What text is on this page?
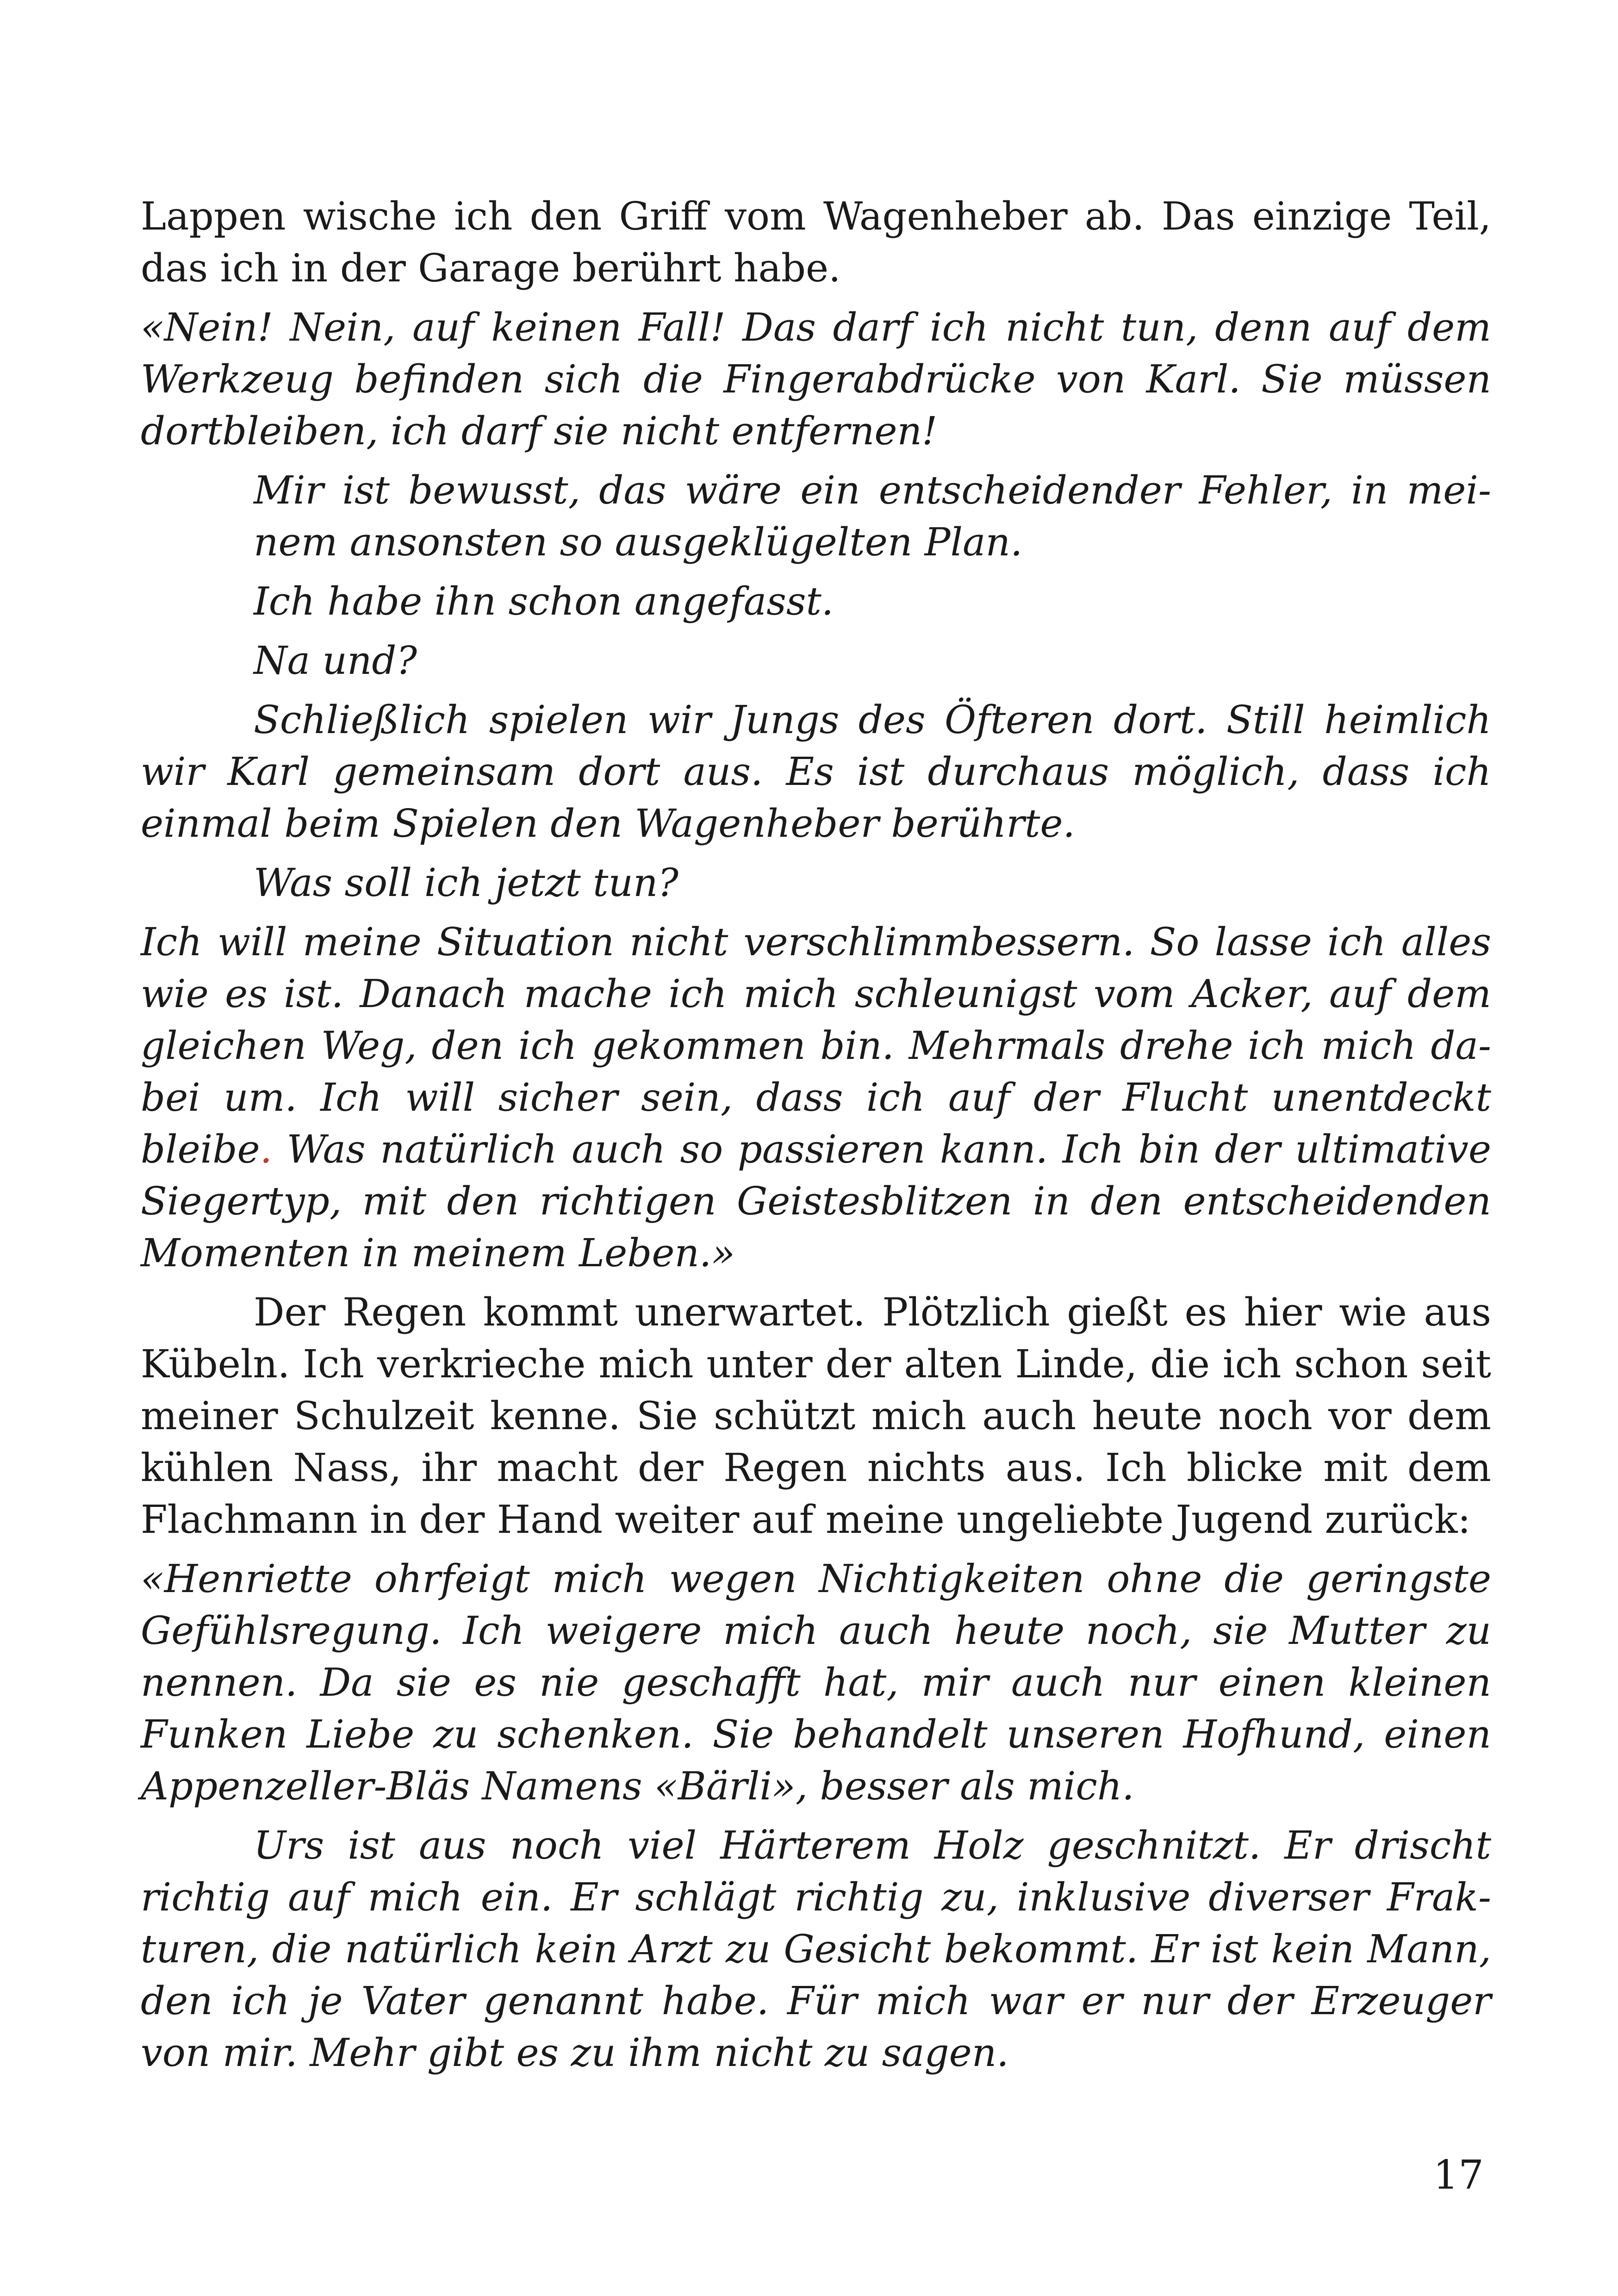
Lappen wische ich den Griff vom Wagenheber ab. Das einzige Teil, das ich in der Garage berührt habe.

«Nein! Nein, auf keinen Fall! Das darf ich nicht tun, denn auf dem Werkzeug befinden sich die Fingerabdrücke von Karl. Sie müssen dortbleiben, ich darf sie nicht entfernen!

Mir ist bewusst, das wäre ein entscheidender Fehler, in meinem ansonsten so ausgeklügelten Plan.

Ich habe ihn schon angefasst.

Na und?

Schließlich spielen wir Jungs des Öfteren dort. Still heimlich wir Karl gemeinsam dort aus. Es ist durchaus möglich, dass ich einmal beim Spielen den Wagenheber berührte.

Was soll ich jetzt tun?

Ich will meine Situation nicht verschlimmbessern. So lasse ich alles wie es ist. Danach mache ich mich schleunigst vom Acker, auf dem gleichen Weg, den ich gekommen bin. Mehrmals drehe ich mich dabei um. Ich will sicher sein, dass ich auf der Flucht unentdeckt bleibe. Was natürlich auch so passieren kann. Ich bin der ultimative Siegertyp, mit den richtigen Geistesblitzen in den entscheidenden Momenten in meinem Leben.»

Der Regen kommt unerwartet. Plötzlich gießt es hier wie aus Kübeln. Ich verkrieche mich unter der alten Linde, die ich schon seit meiner Schulzeit kenne. Sie schützt mich auch heute noch vor dem kühlen Nass, ihr macht der Regen nichts aus. Ich blicke mit dem Flachmann in der Hand weiter auf meine ungeliebte Jugend zurück:

«Henriette ohrfeigt mich wegen Nichtigkeiten ohne die geringste Gefühlsregung. Ich weigere mich auch heute noch, sie Mutter zu nennen. Da sie es nie geschafft hat, mir auch nur einen kleinen Funken Liebe zu schenken. Sie behandelt unseren Hofhund, einen Appenzeller-Bläs Namens «Bärli», besser als mich.

Urs ist aus noch viel Härterem Holz geschnitzt. Er drischt richtig auf mich ein. Er schlägt richtig zu, inklusive diverser Frakturen, die natürlich kein Arzt zu Gesicht bekommt. Er ist kein Mann, den ich je Vater genannt habe. Für mich war er nur der Erzeuger von mir. Mehr gibt es zu ihm nicht zu sagen.

17
